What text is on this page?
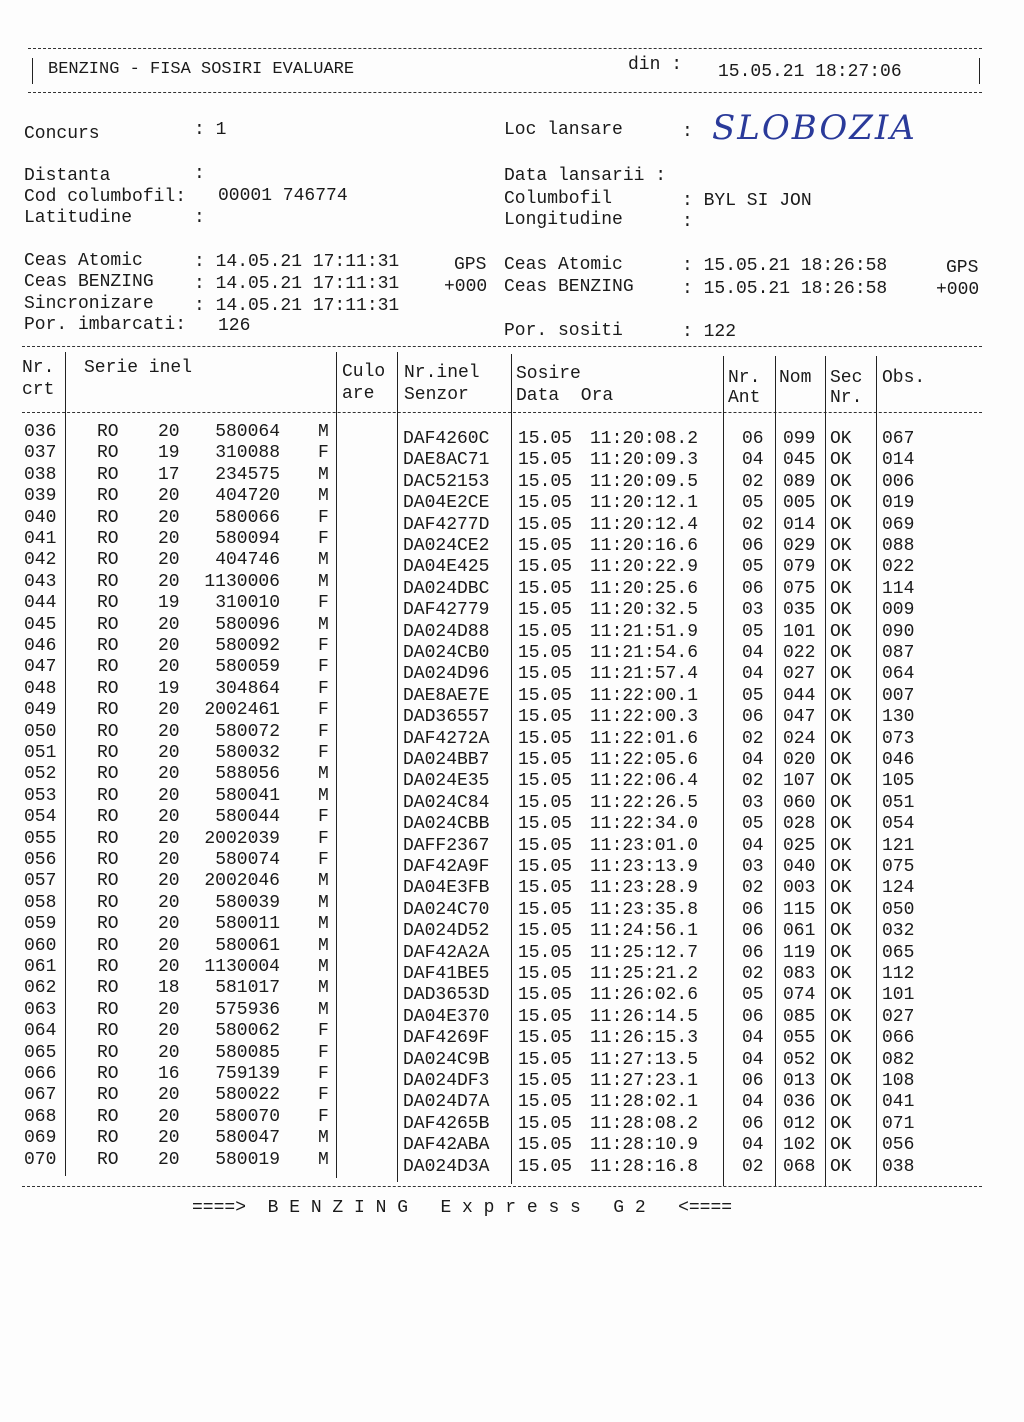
BENZING - FISA SOSIRI EVALUARE	din : 15.05.21 18:27:06
Concurs	: 1	Loc lansare	: SLOBOZIA
Distanta	:	Data lansarii :
Cod columbofil: 00001 746774	Columbofil	: BYL SI JON
Latitudine	:	Longitudine	:
Ceas Atomic	: 14.05.21 17:11:31	GPS
Ceas BENZING : 14.05.21 17:11:31 +000
Sincronizare : 14.05.21 17:11:31
Ceas Atomic	: 15.05.21 18:26:58	GPS
Ceas BENZING	: 15.05.21 18:26:58	+000
Por. imbarcati: 126	Por. sositi	: 122
Nr.
crt
Serie inel	Culo
are
Nr.inel
Senzor
Sosire
Data  Ora
Nr.
Ant
Nom Sec
Nr.
Obs.
036 RO 20	580064 M	DAF4260C 15.05 11:20:08.2 06 099 OK 067
037 RO 19	310088 F	DAE8AC71 15.05 11:20:09.3 04 045 OK 014
038 RO 17	234575 M	DAC52153 15.05 11:20:09.5 02 089 OK 006
039 RO 20	404720 M	DA04E2CE 15.05 11:20:12.1 05 005 OK 019
040 RO 20	580066 F	DAF4277D 15.05 11:20:12.4 02 014 OK 069
041 RO 20	580094 F	DA024CE2 15.05 11:20:16.6 06 029 OK 088
042 RO 20	404746 M	DA04E425 15.05 11:20:22.9 05 079 OK 022
043 RO 20	1130006 M	DA024DBC 15.05 11:20:25.6 06 075 OK 114
044 RO 19	310010 F	DAF42779 15.05 11:20:32.5 03 035 OK 009
045 RO 20	580096 M	DA024D88 15.05 11:21:51.9 05 101 OK 090
046 RO 20	580092 F	DA024CB0 15.05 11:21:54.6 04 022 OK 087
047 RO 20	580059 F	DA024D96 15.05 11:21:57.4 04 027 OK 064
048 RO 19	304864 F	DAE8AE7E 15.05 11:22:00.1 05 044 OK 007
049 RO 20	2002461 F	DAD36557 15.05 11:22:00.3 06 047 OK 130
050 RO 20	580072 F	DAF4272A 15.05 11:22:01.6 02 024 OK 073
051 RO 20	580032 F	DA024BB7 15.05 11:22:05.6 04 020 OK 046
052 RO 20	588056 M	DA024E35 15.05 11:22:06.4 02 107 OK 105
053 RO 20	580041 M	DA024C84 15.05 11:22:26.5 03 060 OK 051
054 RO 20	580044 F	DA024CBB 15.05 11:22:34.0 05 028 OK 054
055 RO 20	2002039 F	DAFF2367 15.05 11:23:01.0 04 025 OK 121
056 RO 20	580074 F	DAF42A9F 15.05 11:23:13.9 03 040 OK 075
057 RO 20	2002046 M	DA04E3FB 15.05 11:23:28.9 02 003 OK 124
058 RO 20	580039 M	DA024C70 15.05 11:23:35.8 06 115 OK 050
059 RO 20	580011 M	DA024D52 15.05 11:24:56.1 06 061 OK 032
060 RO 20	580061 M	DAF42A2A 15.05 11:25:12.7 06 119 OK 065
061 RO 20	1130004 M	DAF41BE5 15.05 11:25:21.2 02 083 OK 112
062 RO 18	581017 M	DAD3653D 15.05 11:26:02.6 05 074 OK 101
063 RO 20	575936 M	DA04E370 15.05 11:26:14.5 06 085 OK 027
064 RO 20	580062 F	DAF4269F 15.05 11:26:15.3 04 055 OK 066
065 RO 20	580085 F	DA024C9B 15.05 11:27:13.5 04 052 OK 082
066 RO 16	759139 F	DA024DF3 15.05 11:27:23.1 06 013 OK 108
067 RO 20	580022 F	DA024D7A 15.05 11:28:02.1 04 036 OK 041
068 RO 20	580070 F	DAF4265B 15.05 11:28:08.2 06 012 OK 071
069 RO 20	580047 M	DAF42ABA 15.05 11:28:10.9 04 102 OK 056
070 RO 20	580019 M	DA024D3A 15.05 11:28:16.8 02 068 OK 038
====>  B E N Z I N G   E x p r e s s   G 2   <====
